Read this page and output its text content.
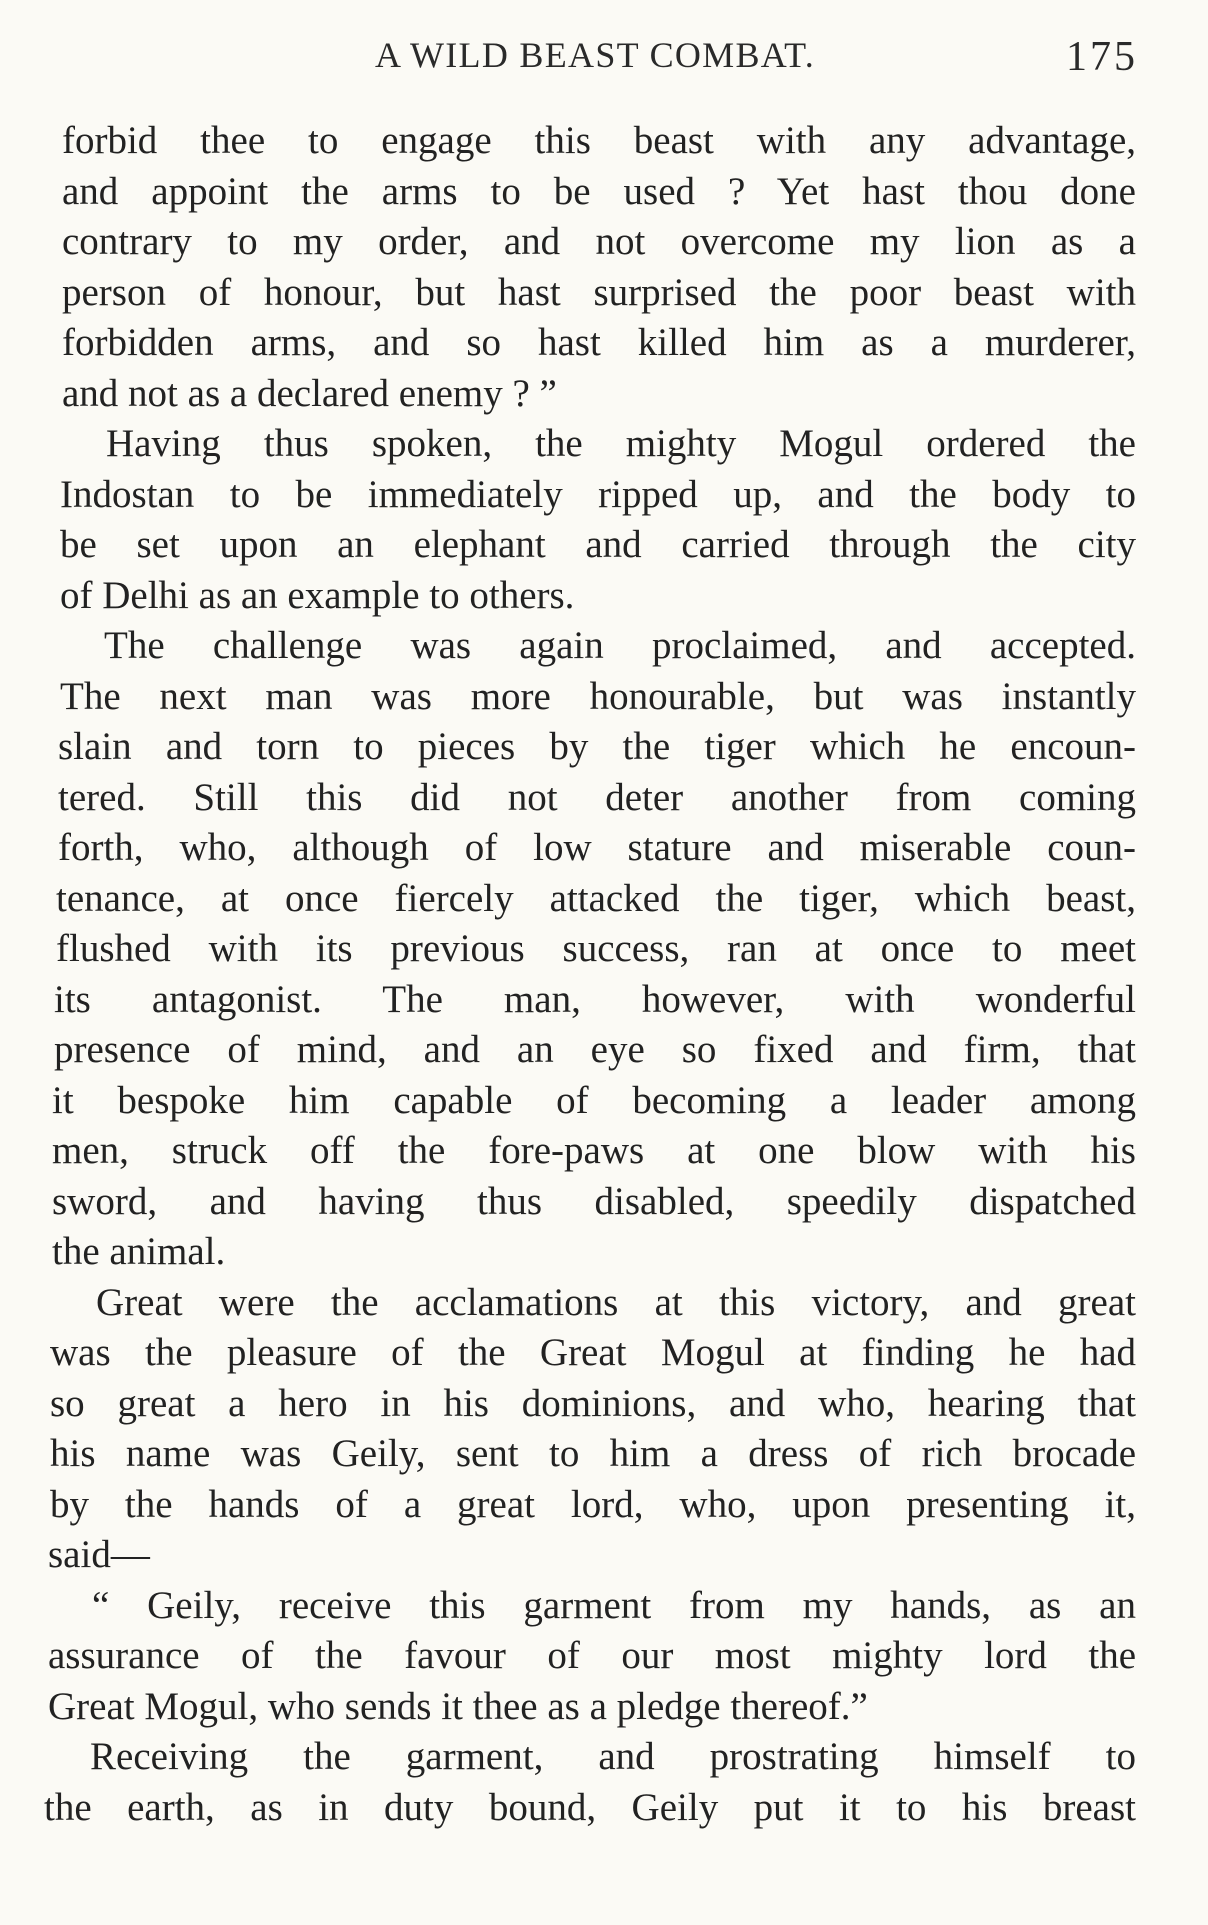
A WILD BEAST COMBAT.	175
forbid thee to engage this beast with any advantage,
and appoint the arms to be used ? Yet hast thou done
contrary to my order, and not overcome my lion as a
person of honour, but hast surprised the poor beast with
forbidden arms, and so hast killed him as a murderer,
and not as a declared enemy ? ”
Having thus spoken, the mighty Mogul ordered the
Indostan to be immediately ripped up, and the body to
be set upon an elephant and carried through the city
of Delhi as an example to others.
The challenge was again proclaimed, and accepted.
The next man was more honourable, but was instantly
slain and torn to pieces by the tiger which he encoun-
tered. Still this did not deter another from coming
forth, who, although of low stature and miserable coun-
tenance, at once fiercely attacked the tiger, which beast,
flushed with its previous success, ran at once to meet
its antagonist. The man, however, with wonderful
presence of mind, and an eye so fixed and firm, that
it bespoke him capable of becoming a leader among
men, struck off the fore-paws at one blow with his
sword, and having thus disabled, speedily dispatched
the animal.
Great were the acclamations at this victory, and great
was the pleasure of the Great Mogul at finding he had
so great a hero in his dominions, and who, hearing that
his name was Geily, sent to him a dress of rich brocade
by the hands of a great lord, who, upon presenting it,
said—
“ Geily, receive this garment from my hands, as an
assurance of the favour of our most mighty lord the
Great Mogul, who sends it thee as a pledge thereof.”
Receiving the garment, and prostrating himself to
the earth, as in duty bound, Geily put it to his breast
